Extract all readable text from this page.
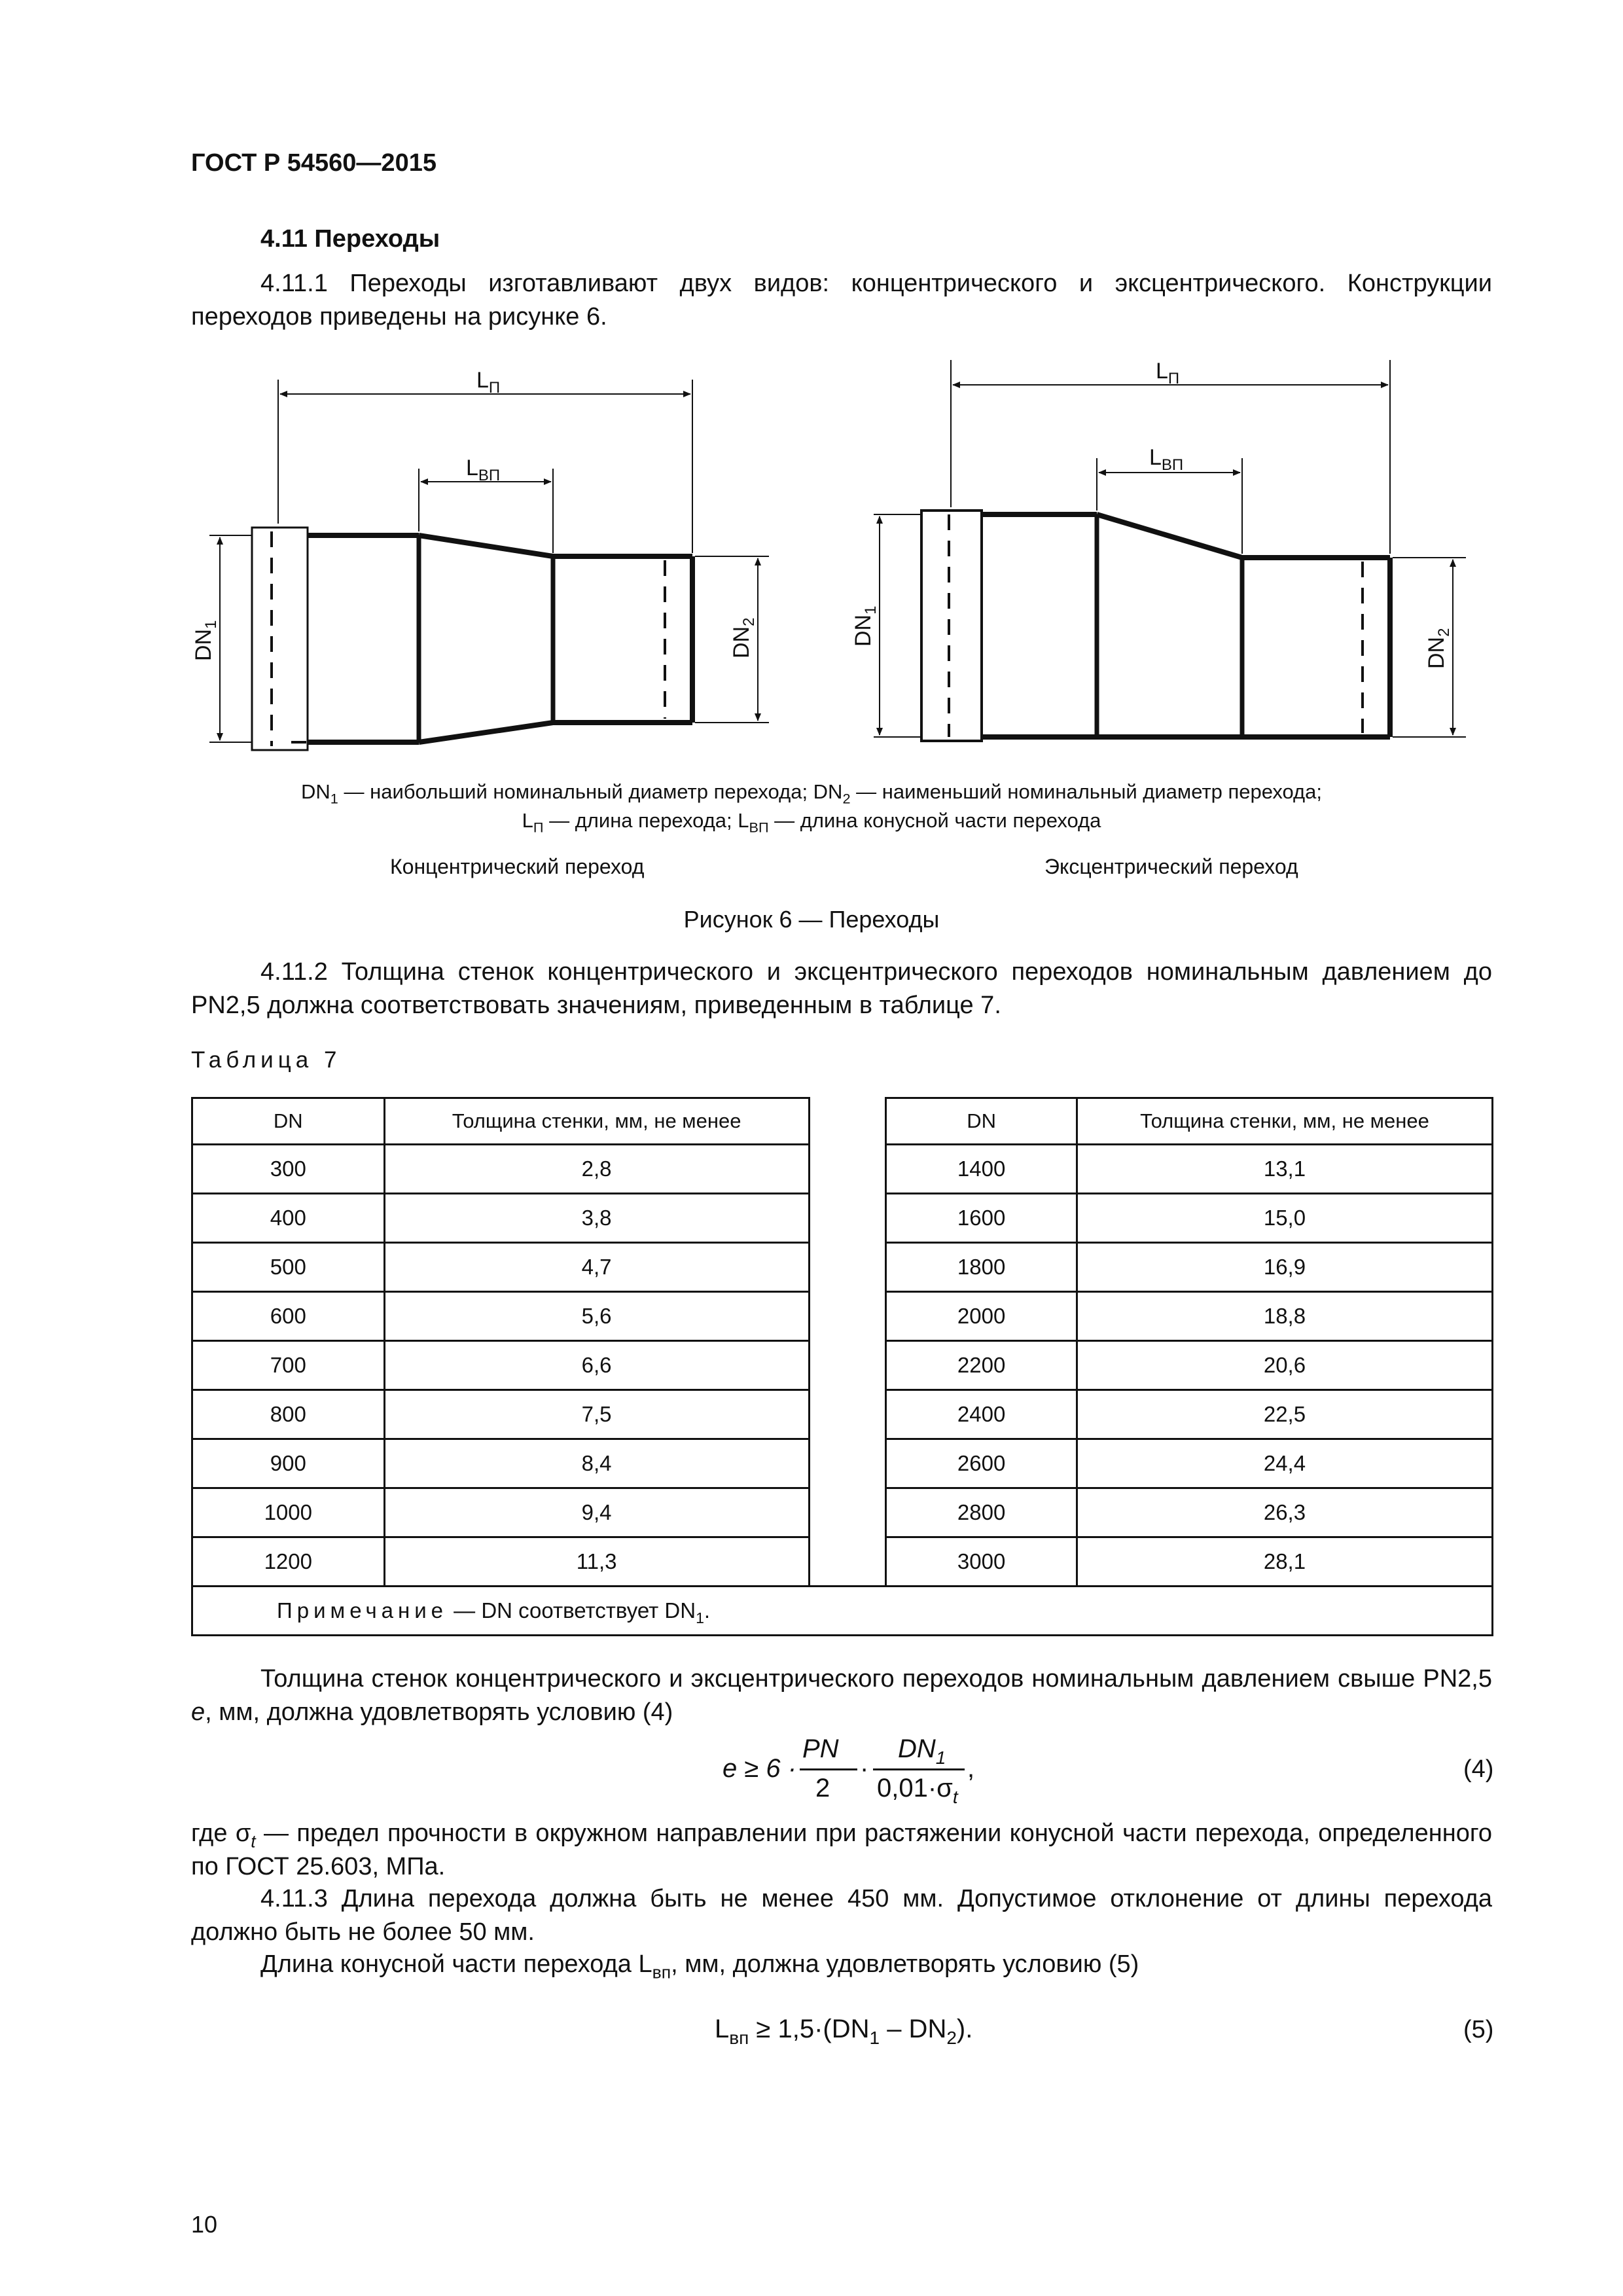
ГОСТ Р 54560—2015
4.11 Переходы
4.11.1 Переходы изготавливают двух видов: концентрического и эксцентрического. Конструкции переходов приведены на рисунке 6.
$L_П$
$L_{ВП}$
$DN_1$
$DN_2$
$L_П$
$L_{ВП}$
$DN_1$
$DN_2$
$DN_1$ — наибольший номинальный диаметр перехода; $DN_2$ — наименьший номинальный диаметр перехода;
$L_П$ — длина перехода; $L_{ВП}$ — длина конусной части перехода
Концентрический переход	Эксцентрический переход
Рисунок 6 — Переходы
4.11.2 Толщина стенок концентрического и эксцентрического переходов номинальным давлением до PN2,5 должна соответствовать значениям, приведенным в таблице 7.
Таблица 7
DN	Толщина стенки, мм, не менее		DN	Толщина стенки, мм, не менее
300	2,8		1400	13,1
400	3,8		1600	15,0
500	4,7		1800	16,9
600	5,6		2000	18,8
700	6,6		2200	20,6
800	7,5		2400	22,5
900	8,4		2600	24,4
1000	9,4		2800	26,3
1200	11,3		3000	28,1
Примечание — DN соответствует $DN_1$.				
Толщина стенок концентрического и эксцентрического переходов номинальным давлением свыше PN2,5 e, мм, должна удовлетворять условию (4)
e ≥ 6 ·
PN
2
·
$DN_1$
$0,01\cdot\sigma_t$
,	(4)
где $\sigma_t$ — предел прочности в окружном направлении при растяжении конусной части перехода, определенного по ГОСТ 25.603, МПа.
4.11.3 Длина перехода должна быть не менее 450 мм. Допустимое отклонение от длины перехода должно быть не более 50 мм.
Длина конусной части перехода $L_{вп}$, мм, должна удовлетворять условию (5)
$L_{вп} \ge 1,5\cdot(DN_1 - DN_2)$.	(5)
10
